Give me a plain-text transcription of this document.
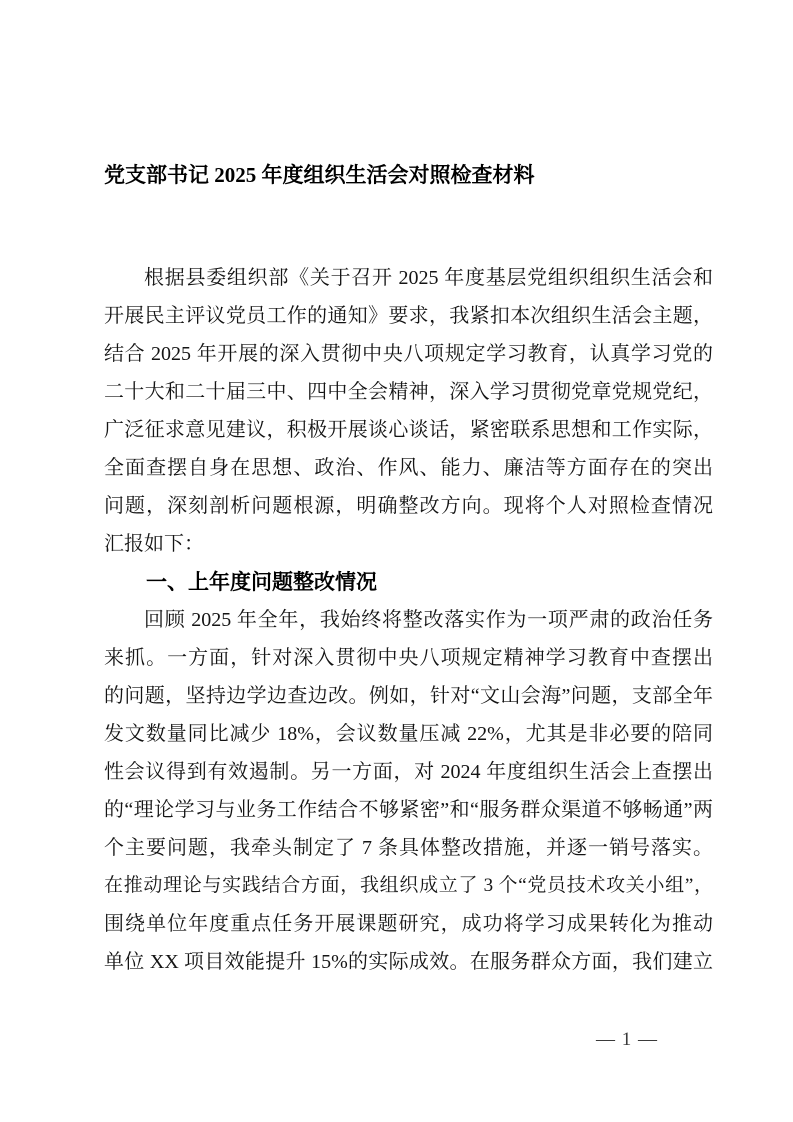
党支部书记 2025 年度组织生活会对照检查材料
根据县委组织部《关于召开 2025 年度基层党组织组织生活会和
开展民主评议党员工作的通知》要求，我紧扣本次组织生活会主题，
结合 2025 年开展的深入贯彻中央八项规定学习教育，认真学习党的
二十大和二十届三中、四中全会精神，深入学习贯彻党章党规党纪，
广泛征求意见建议，积极开展谈心谈话，紧密联系思想和工作实际，
全面查摆自身在思想、政治、作风、能力、廉洁等方面存在的突出
问题，深刻剖析问题根源，明确整改方向。现将个人对照检查情况
汇报如下：
一、上年度问题整改情况
回顾 2025 年全年，我始终将整改落实作为一项严肃的政治任务
来抓。一方面，针对深入贯彻中央八项规定精神学习教育中查摆出
的问题，坚持边学边查边改。例如，针对“文山会海”问题，支部全年
发文数量同比减少 18%，会议数量压减 22%，尤其是非必要的陪同
性会议得到有效遏制。另一方面，对 2024 年度组织生活会上查摆出
的“理论学习与业务工作结合不够紧密”和“服务群众渠道不够畅通”两
个主要问题，我牵头制定了 7 条具体整改措施，并逐一销号落实。
在推动理论与实践结合方面，我组织成立了 3 个“党员技术攻关小组”，
围绕单位年度重点任务开展课题研究，成功将学习成果转化为推动
单位 XX 项目效能提升 15%的实际成效。在服务群众方面，我们建立
— 1 —
